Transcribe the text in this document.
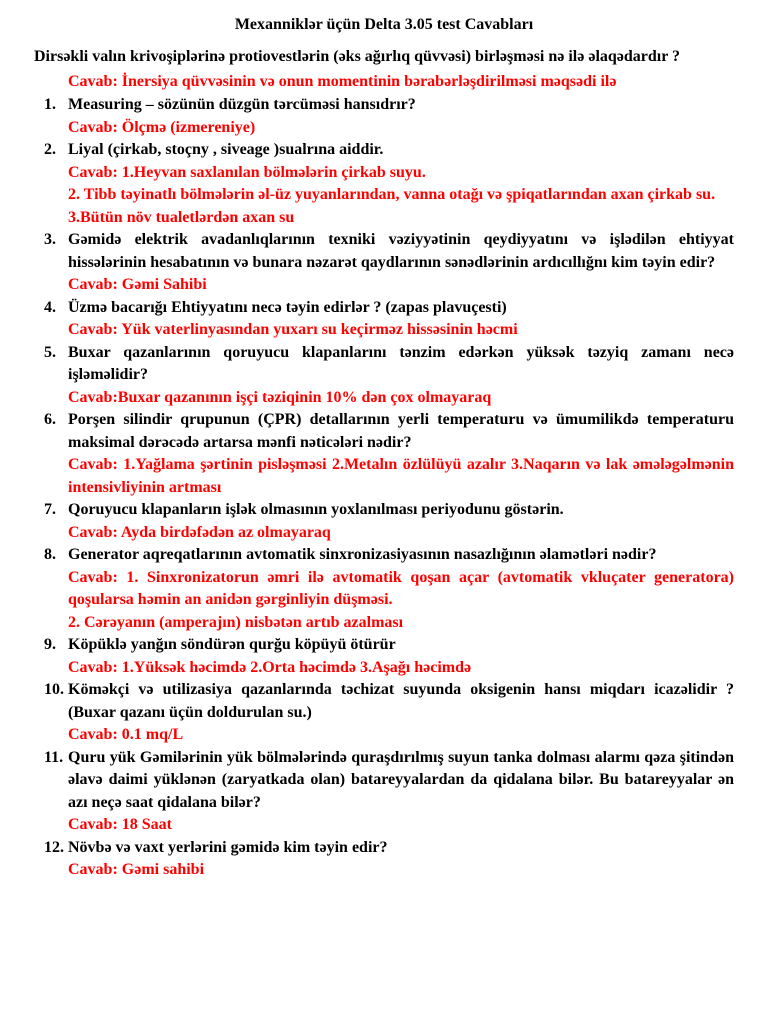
Mexanniklər üçün Delta 3.05 test Cavabları
Dirsəkli valın krivoşiplərinə protiovestlərin (əks ağırlıq qüvvəsi) birləşməsi nə ilə əlaqədardır ?
Cavab: İnersiya qüvvəsinin və onun momentinin bərabərləşdirilməsi məqsədi ilə
1. Measuring – sözünün düzgün tərcüməsi hansıdrır?
Cavab: Ölçmə (izmereniye)
2. Liyal (çirkab, stoçny , siveage )sualrına aiddir.
Cavab: 1.Heyvan saxlanılan bölmələrin çirkab suyu.
2. Tibb təyinatlı bölmələrin əl-üz yuyanlarından, vanna otağı və şpiqatlarından axan çirkab su.
3.Bütün növ tualetlərdən axan su
3. Gəmidə elektrik avadanlıqlarının texniki vəziyyətinin qeydiyyatını və işlədilən ehtiyyat hissələrinin hesabatının və bunara nəzarət qaydlarının sənədlərinin ardıcıllığnı kim təyin edir?
Cavab: Gəmi Sahibi
4. Üzmə bacarığı Ehtiyyatını necə təyin edirlər ? (zapas plavuçesti)
Cavab: Yük vaterlinyasından yuxarı su keçirməz hissəsinin həcmi
5. Buxar qazanlarının qoruyucu klapanlarını tənzim edərkən yüksək təzyiq zamanı necə işləməlidir?
Cavab:Buxar qazanının işçi təziqinin 10% dən çox olmayaraq
6. Porşen silindir qrupunun (ÇPR) detallarının yerli temperaturu və ümumilikdə temperaturu maksimal dərəcədə artarsa mənfi nəticələri nədir?
Cavab: 1.Yağlama şərtinin pisləşməsi 2.Metalın özlülüyü azalır 3.Naqarın və lak əmələgəlmənin intensivliyinin artması
7. Qoruyucu klapanların işlək olmasının yoxlanılması periyodunu göstərin.
Cavab: Ayda birdəfədən az olmayaraq
8. Generator aqreqatlarının avtomatik sinxronizasiyasının nasazlığının əlamətləri nədir?
Cavab: 1. Sinxronizatorun əmri ilə avtomatik qoşan açar (avtomatik vkluçater generatora) qoşularsa həmin an anidən gərginliyin düşməsi.
2. Cərəyanın (amperajın) nisbətən artıb azalması
9. Köpüklə yanğın söndürən qurğu köpüyü ötürür
Cavab: 1.Yüksək həcimdə 2.Orta həcimdə 3.Aşağı həcimdə
10. Köməkçi və utilizasiya qazanlarında təchizat suyunda oksigenin hansı miqdarı icazəlidir ? (Buxar qazanı üçün doldurulan su.)
Cavab: 0.1 mq/L
11. Quru yük Gəmilərinin yük bölmələrində quraşdırılmış suyun tanka dolması alarmı qəza şitindən əlavə daimi yüklənən (zaryatkada olan) batareyyalardan da qidalana bilər. Bu batareyyalar ən azı neçə saat qidalana bilər?
Cavab: 18 Saat
12. Növbə və vaxt yerlərini gəmidə kim təyin edir?
Cavab: Gəmi sahibi
